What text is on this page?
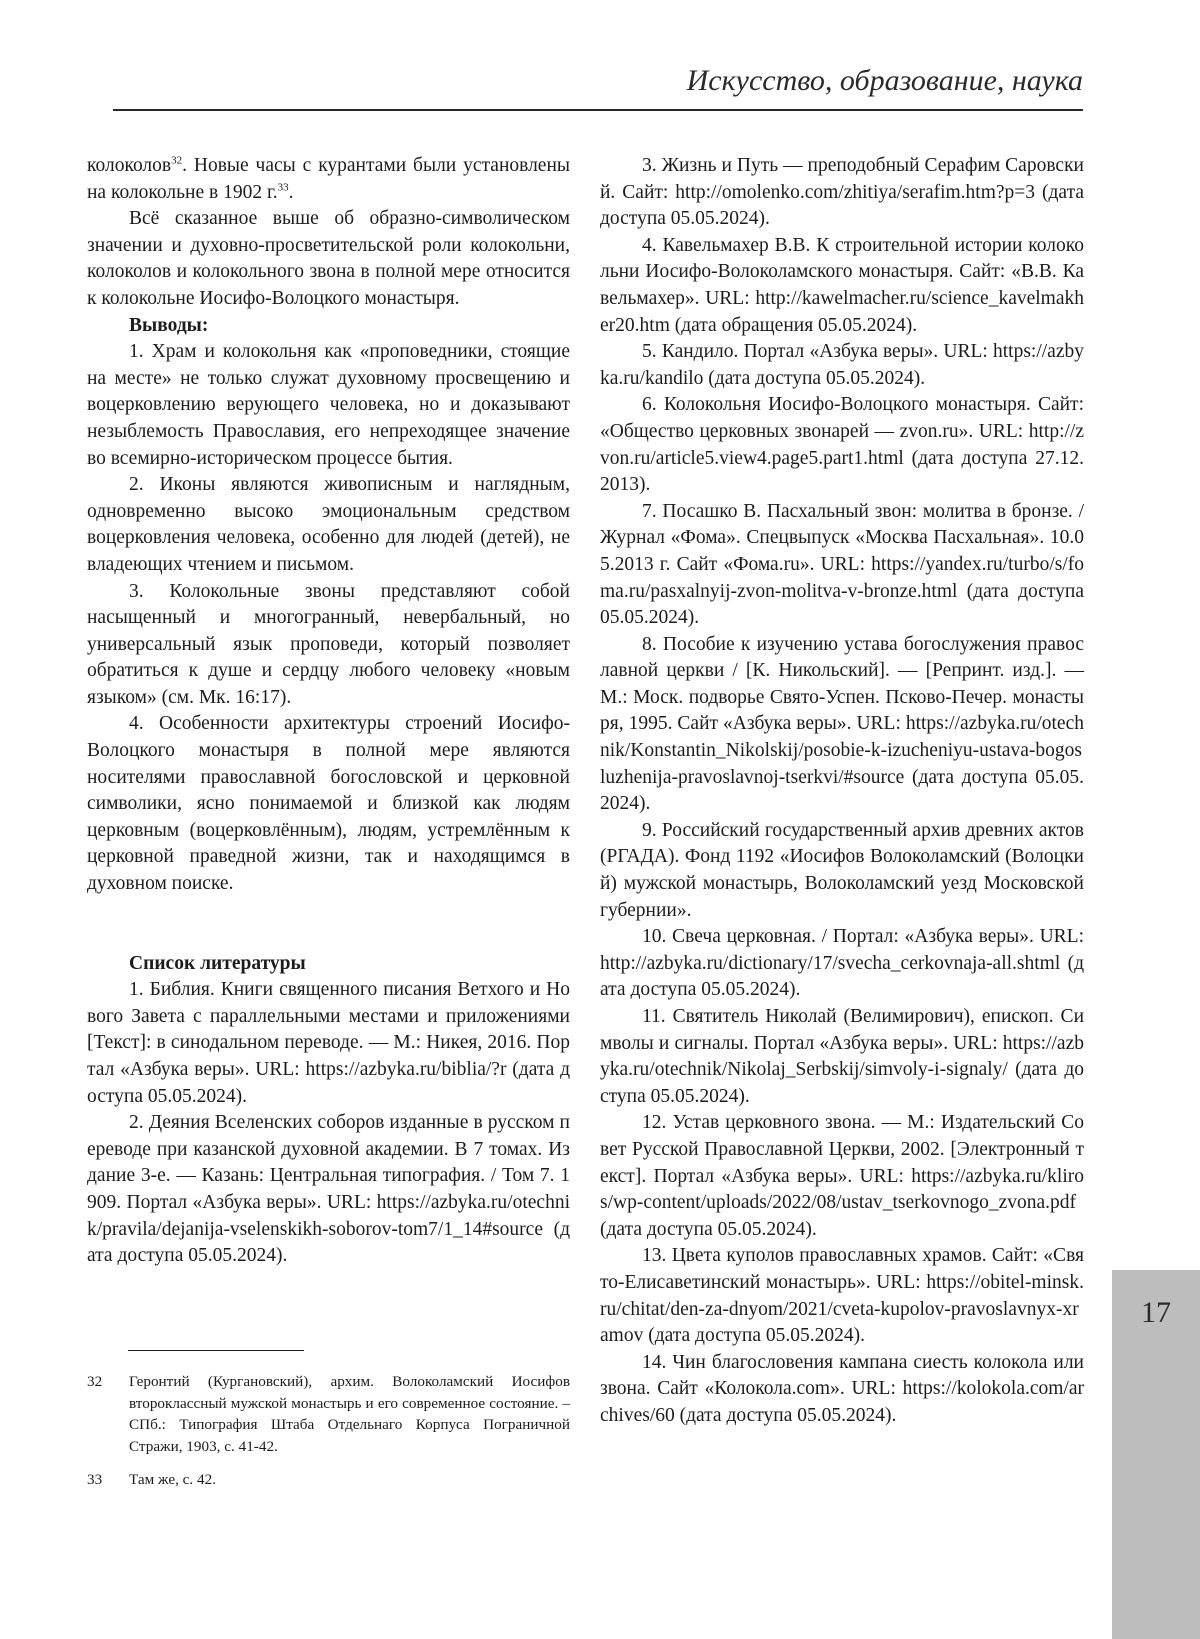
Искусство, образование, наука

колоколов$^{32}$. Новые часы с курантами были установлены на колокольне в 1902 г.$^{33}$.

Всё сказанное выше об образно-символическом значении и духовно-просветительской роли колокольни, колоколов и колокольного звона в полной мере относится к колокольне Иосифо-Волоцкого монастыря.

Выводы:

1. Храм и колокольня как «проповедники, стоящие на месте» не только служат духовному просвещению и воцерковлению верующего человека, но и доказывают незыблемость Православия, его непреходящее значение во всемирно-историческом процессе бытия.

2. Иконы являются живописным и наглядным, одновременно высоко эмоциональным средством воцерковления человека, особенно для людей (детей), не владеющих чтением и письмом.

3. Колокольные звоны представляют собой насыщенный и многогранный, невербальный, но универсальный язык проповеди, который позволяет обратиться к душе и сердцу любого человеку «новым языком» (см. Мк. 16:17).

4. Особенности архитектуры строений Иосифо-Волоцкого монастыря в полной мере являются носителями православной богословской и церковной символики, ясно понимаемой и близкой как людям церковным (воцерковлённым), людям, устремлённым к церковной праведной жизни, так и находящимся в духовном поиске.

Список литературы

1. Библия. Книги священного писания Ветхого и Нового Завета с параллельными местами и приложениями [Текст]: в синодальном переводе. — М.: Никея, 2016. Портал «Азбука веры». URL: https://azbyka.ru/biblia/?r (дата доступа 05.05.2024).

2. Деяния Вселенских соборов изданные в русском переводе при казанской духовной академии. В 7 томах. Издание 3-е. — Казань: Центральная типография. / Том 7. 1909. Портал «Азбука веры». URL: https://azbyka.ru/otechnik/pravila/dejanija-vselenskikh-soborov-tom7/1_14#source (дата доступа 05.05.2024).

32	Геронтий (Кургановский), архим. Волоколамский Иосифов второклассный мужской монастырь и его современное состояние. – СПб.: Типография Штаба Отдельнаго Корпуса Пограничной Стражи, 1903, с. 41-42.
33	Там же, с. 42.

3. Жизнь и Путь — преподобный Серафим Саровский. Сайт: http://omolenko.com/zhitiya/serafim.htm?p=3 (дата доступа 05.05.2024).

4. Кавельмахер В.В. К строительной истории колокольни Иосифо-Волоколамского монастыря. Сайт: «В.В. Кавельмахер». URL: http://kawelmacher.ru/science_kavelmakher20.htm (дата обращения 05.05.2024).

5. Кандило. Портал «Азбука веры». URL: https://azbyka.ru/kandilo (дата доступа 05.05.2024).

6. Колокольня Иосифо-Волоцкого монастыря. Сайт: «Общество церковных звонарей — zvon.ru». URL: http://zvon.ru/article5.view4.page5.part1.html (дата доступа 27.12.2013).

7. Посашко В. Пасхальный звон: молитва в бронзе. / Журнал «Фома». Спецвыпуск «Москва Пасхальная». 10.05.2013 г. Сайт «Фома.ru». URL: https://yandex.ru/turbo/s/foma.ru/pasxalnyij-zvon-molitva-v-bronze.html (дата доступа 05.05.2024).

8. Пособие к изучению устава богослужения православной церкви / [К. Никольский]. — [Репринт. изд.]. — М.: Моск. подворье Свято-Успен. Псково-Печер. монастыря, 1995. Сайт «Азбука веры». URL: https://azbyka.ru/otechnik/Konstantin_Nikolskij/posobie-k-izucheniyu-ustava-bogosluzhenija-pravoslavnoj-tserkvi/#source (дата доступа 05.05.2024).

9. Российский государственный архив древних актов (РГАДА). Фонд 1192 «Иосифов Волоколамский (Волоцкий) мужской монастырь, Волоколамский уезд Московской губернии».

10. Свеча церковная. / Портал: «Азбука веры». URL: http://azbyka.ru/dictionary/17/svecha_cerkovnaja-all.shtml (дата доступа 05.05.2024).

11. Святитель Николай (Велимирович), епископ. Символы и сигналы. Портал «Азбука веры». URL: https://azbyka.ru/otechnik/Nikolaj_Serbskij/simvoly-i-signaly/ (дата доступа 05.05.2024).

12. Устав церковного звона. — М.: Издательский Совет Русской Православной Церкви, 2002. [Электронный текст]. Портал «Азбука веры». URL: https://azbyka.ru/kliros/wp-content/uploads/2022/08/ustav_tserkovnogo_zvona.pdf (дата доступа 05.05.2024).

13. Цвета куполов православных храмов. Сайт: «Свято-Елисаветинский монастырь». URL: https://obitel-minsk.ru/chitat/den-za-dnyom/2021/cveta-kupolov-pravoslavnyx-xramov (дата доступа 05.05.2024).

14. Чин благословения кампана сиесть колокола или звона. Сайт «Колокола.com». URL: https://kolokola.com/archives/60 (дата доступа 05.05.2024).

17
